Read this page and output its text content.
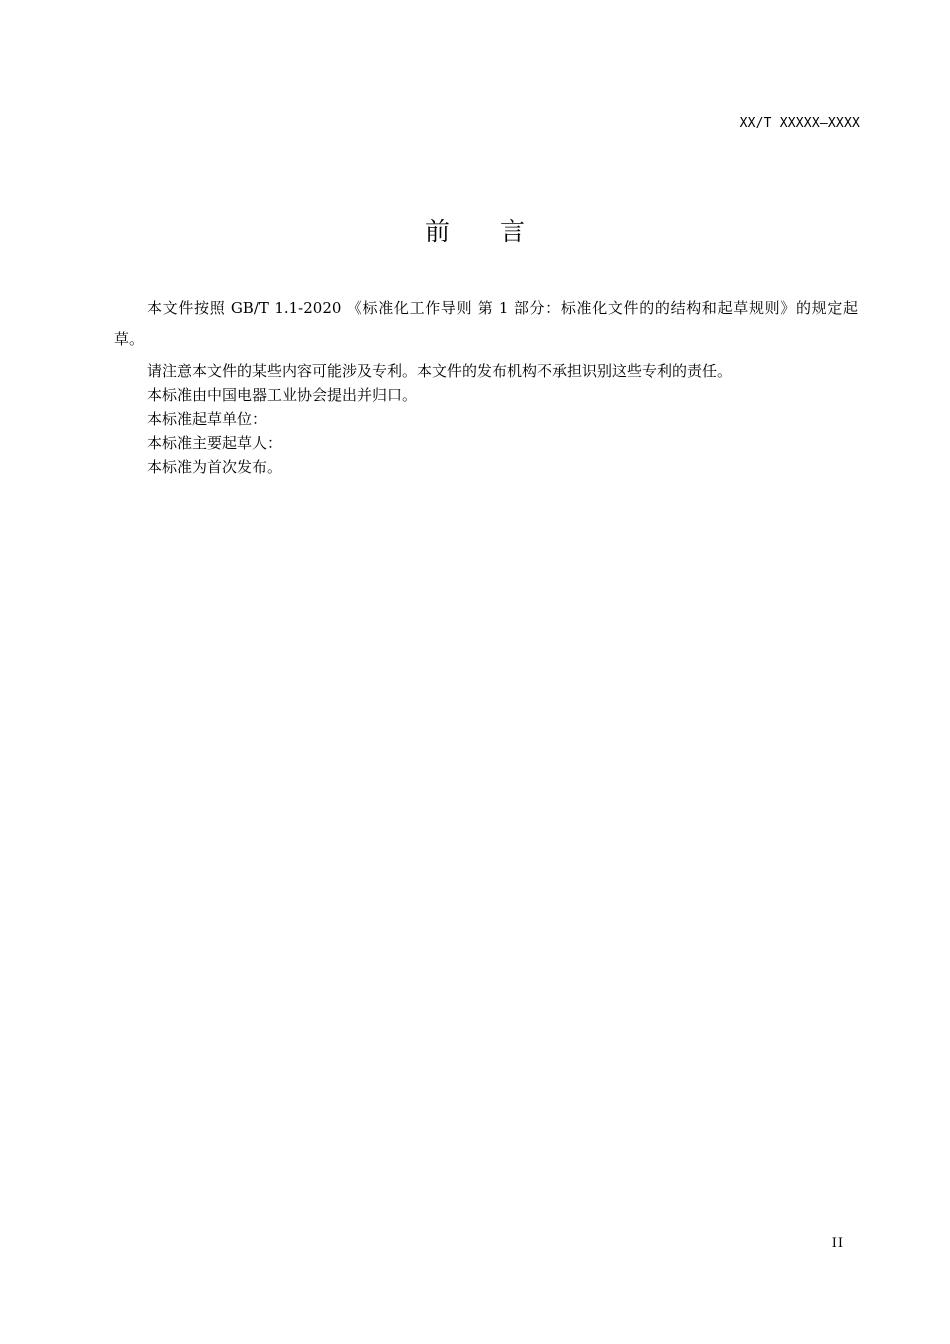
XX/T XXXXX—XXXX
前 言

本文件按照 GB/T 1.1-2020 《标准化工作导则 第 1 部分：标准化文件的的结构和起草规则》的规定起草。

请注意本文件的某些内容可能涉及专利。本文件的发布机构不承担识别这些专利的责任。

本标准由中国电器工业协会提出并归口。

本标准起草单位：

本标准主要起草人：

本标准为首次发布。

II
